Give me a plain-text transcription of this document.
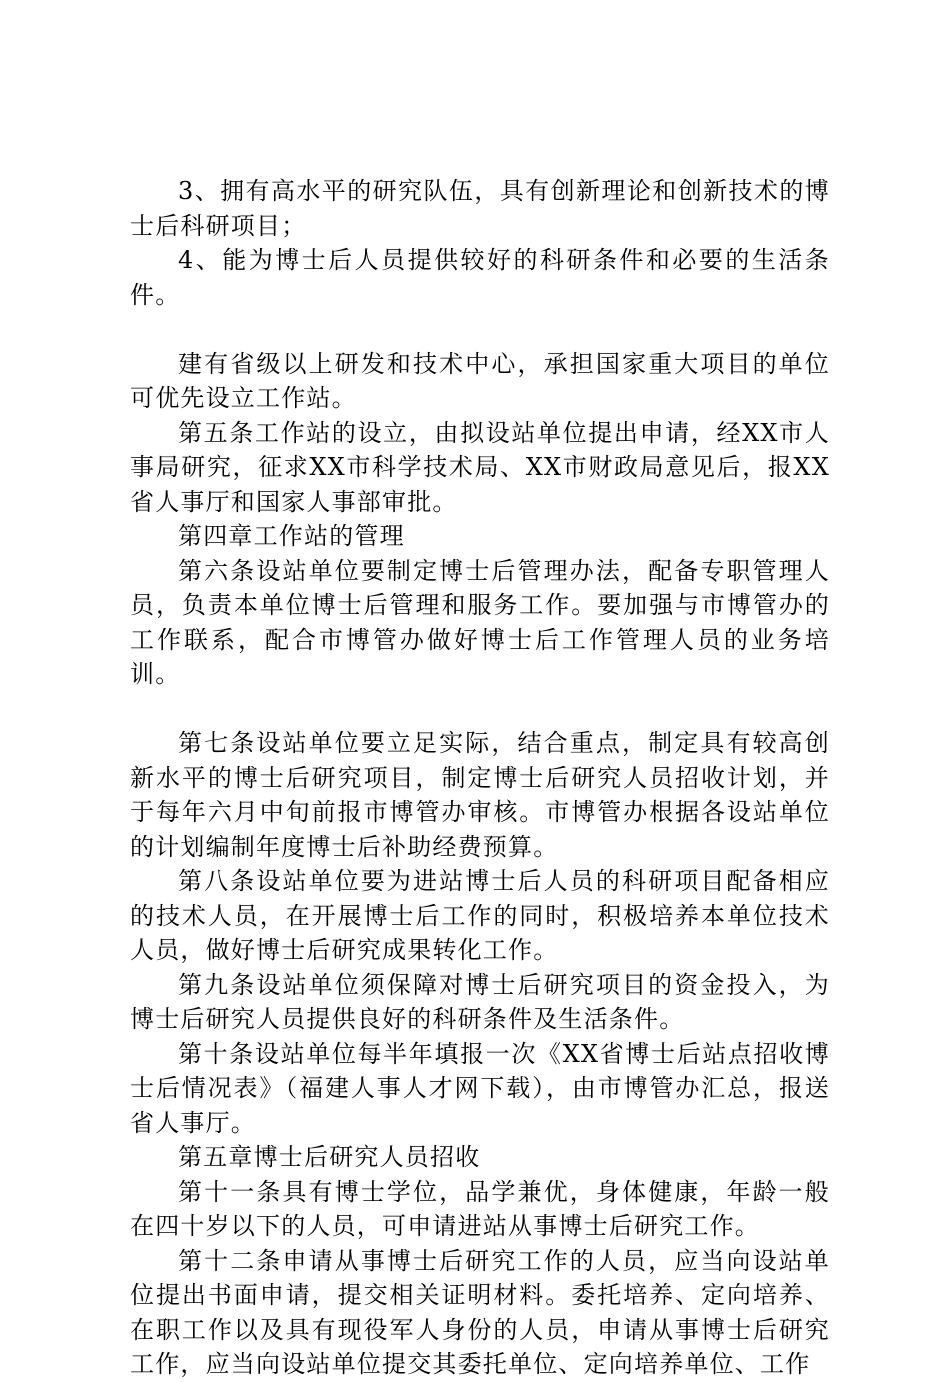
3、拥有高水平的研究队伍，具有创新理论和创新技术的博士后科研项目；

4、能为博士后人员提供较好的科研条件和必要的生活条件。

建有省级以上研发和技术中心，承担国家重大项目的单位可优先设立工作站。

第五条工作站的设立，由拟设站单位提出申请，经XX市人事局研究，征求XX市科学技术局、XX市财政局意见后，报XX省人事厅和国家人事部审批。

第四章工作站的管理

第六条设站单位要制定博士后管理办法，配备专职管理人员，负责本单位博士后管理和服务工作。要加强与市博管办的工作联系，配合市博管办做好博士后工作管理人员的业务培训。

第七条设站单位要立足实际，结合重点，制定具有较高创新水平的博士后研究项目，制定博士后研究人员招收计划，并于每年六月中旬前报市博管办审核。市博管办根据各设站单位的计划编制年度博士后补助经费预算。

第八条设站单位要为进站博士后人员的科研项目配备相应的技术人员，在开展博士后工作的同时，积极培养本单位技术人员，做好博士后研究成果转化工作。

第九条设站单位须保障对博士后研究项目的资金投入，为博士后研究人员提供良好的科研条件及生活条件。

第十条设站单位每半年填报一次《XX省博士后站点招收博士后情况表》（福建人事人才网下载），由市博管办汇总，报送省人事厅。

第五章博士后研究人员招收

第十一条具有博士学位，品学兼优，身体健康，年龄一般在四十岁以下的人员，可申请进站从事博士后研究工作。

第十二条申请从事博士后研究工作的人员，应当向设站单位提出书面申请，提交相关证明材料。委托培养、定向培养、在职工作以及具有现役军人身份的人员，申请从事博士后研究工作，应当向设站单位提交其委托单位、定向培养单位、工作
